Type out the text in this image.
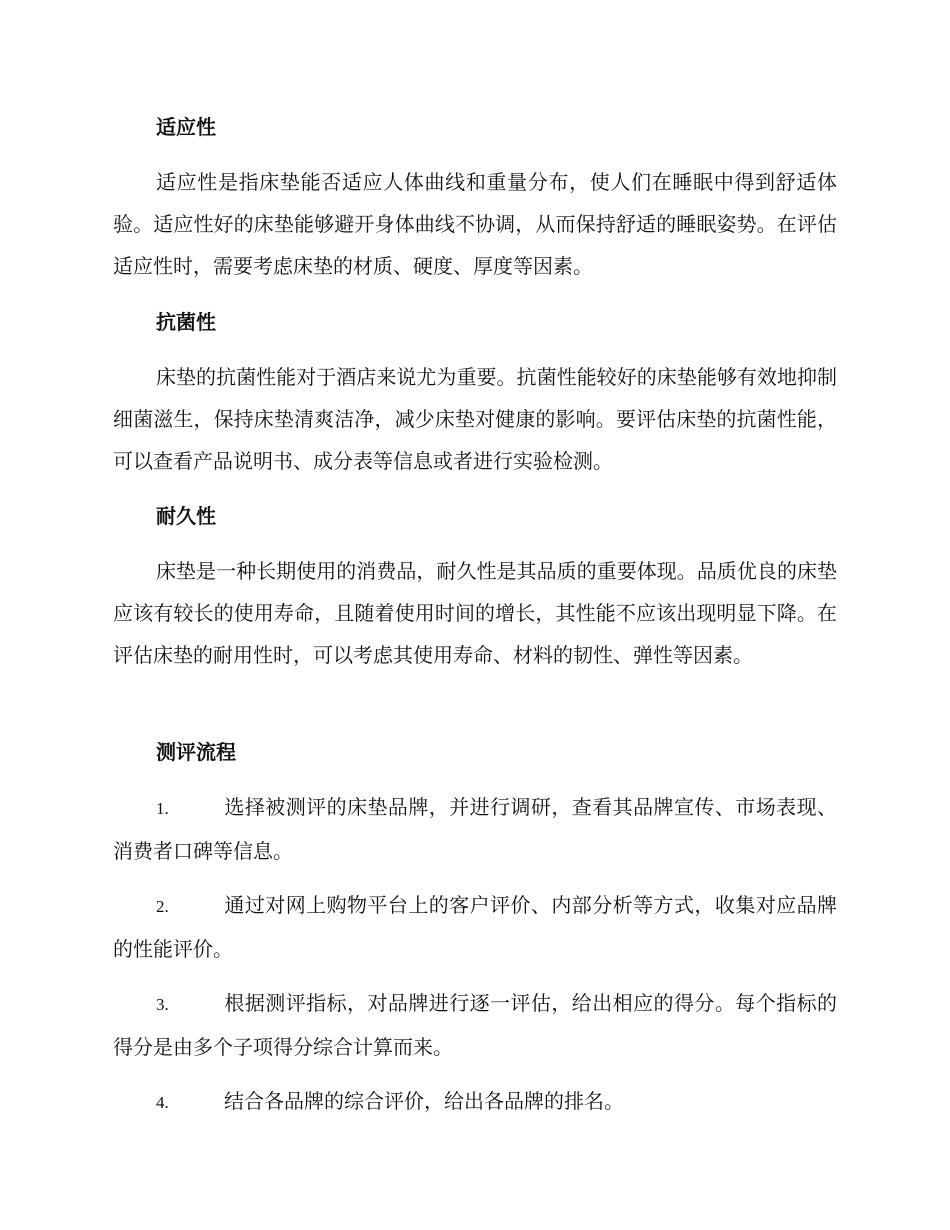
适应性
适应性是指床垫能否适应人体曲线和重量分布，使人们在睡眠中得到舒适体验。适应性好的床垫能够避开身体曲线不协调，从而保持舒适的睡眠姿势。在评估适应性时，需要考虑床垫的材质、硬度、厚度等因素。
抗菌性
床垫的抗菌性能对于酒店来说尤为重要。抗菌性能较好的床垫能够有效地抑制细菌滋生，保持床垫清爽洁净，减少床垫对健康的影响。要评估床垫的抗菌性能，可以查看产品说明书、成分表等信息或者进行实验检测。
耐久性
床垫是一种长期使用的消费品，耐久性是其品质的重要体现。品质优良的床垫应该有较长的使用寿命，且随着使用时间的增长，其性能不应该出现明显下降。在评估床垫的耐用性时，可以考虑其使用寿命、材料的韧性、弹性等因素。
测评流程
1.	选择被测评的床垫品牌，并进行调研，查看其品牌宣传、市场表现、消费者口碑等信息。
2.	通过对网上购物平台上的客户评价、内部分析等方式，收集对应品牌的性能评价。
3.	根据测评指标，对品牌进行逐一评估，给出相应的得分。每个指标的得分是由多个子项得分综合计算而来。
4.	结合各品牌的综合评价，给出各品牌的排名。
